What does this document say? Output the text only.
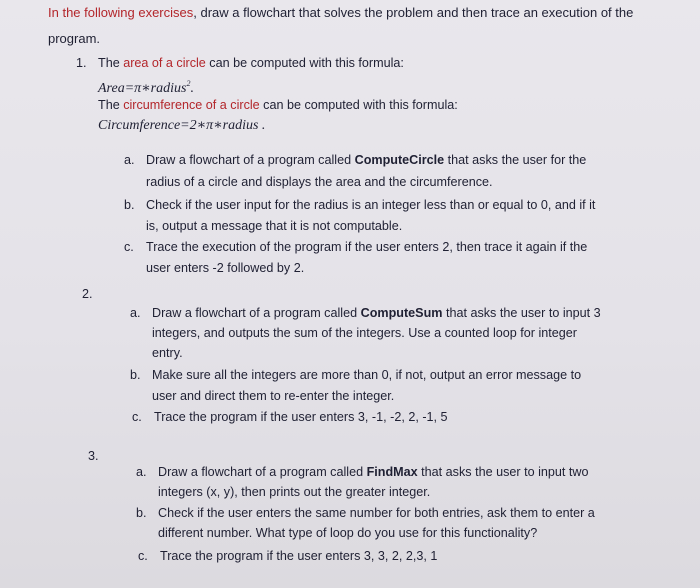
In the following exercises, draw a flowchart that solves the problem and then trace an execution of the
program.
1. The area of a circle can be computed with this formula:
Area=π∗radius$^2$.
The circumference of a circle can be computed with this formula:
Circumference=2∗π∗radius .
a. Draw a flowchart of a program called ComputeCircle that asks the user for the
radius of a circle and displays the area and the circumference.
b. Check if the user input for the radius is an integer less than or equal to 0, and if it
is, output a message that it is not computable.
c. Trace the execution of the program if the user enters 2, then trace it again if the
user enters -2 followed by 2.
2.
a. Draw a flowchart of a program called ComputeSum that asks the user to input 3
integers, and outputs the sum of the integers. Use a counted loop for integer
entry.
b. Make sure all the integers are more than 0, if not, output an error message to
user and direct them to re-enter the integer.
c. Trace the program if the user enters 3, -1, -2, 2, -1, 5
3.
a. Draw a flowchart of a program called FindMax that asks the user to input two
integers (x, y), then prints out the greater integer.
b. Check if the user enters the same number for both entries, ask them to enter a
different number. What type of loop do you use for this functionality?
c. Trace the program if the user enters 3, 3, 2, 2,3, 1
